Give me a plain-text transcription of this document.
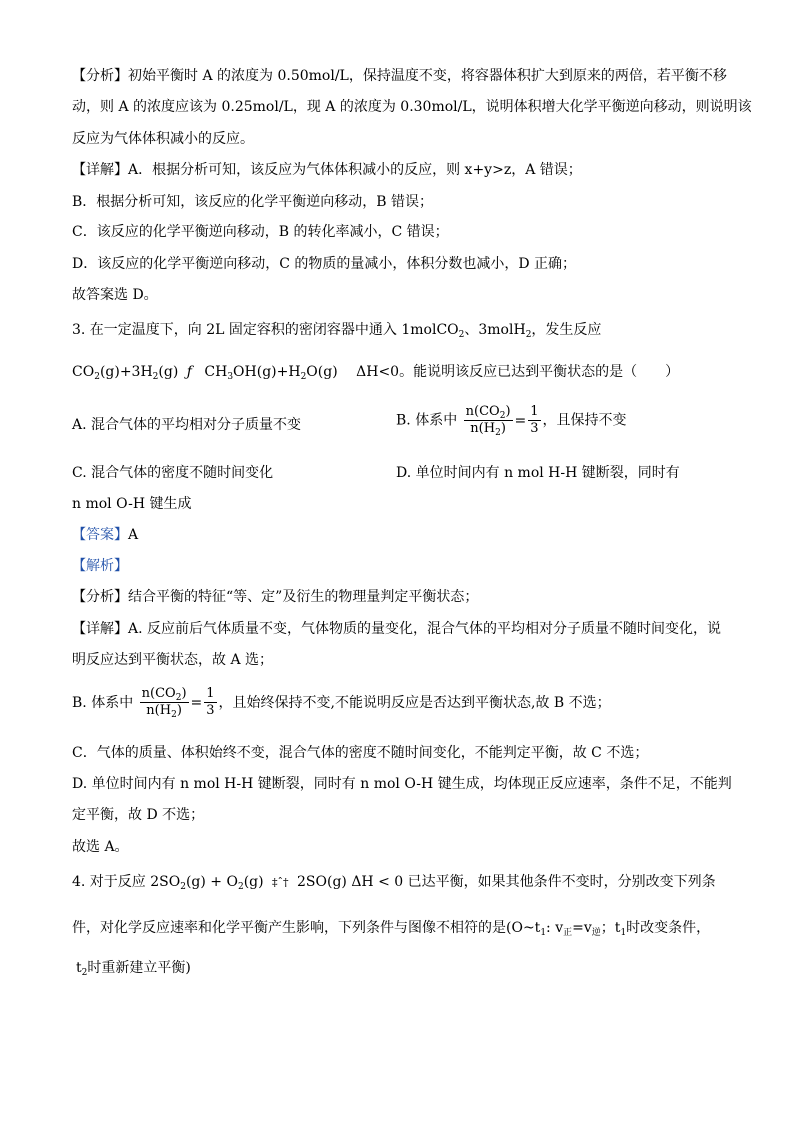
【分析】初始平衡时 A 的浓度为 0.50mol/L，保持温度不变，将容器体积扩大到原来的两倍，若平衡不移
动，则 A 的浓度应该为 0.25mol/L，现 A 的浓度为 0.30mol/L，说明体积增大化学平衡逆向移动，则说明该
反应为气体体积减小的反应。
【详解】A．根据分析可知，该反应为气体体积减小的反应，则 x+y>z，A 错误；
B．根据分析可知，该反应的化学平衡逆向移动，B 错误；
C．该反应的化学平衡逆向移动，B 的转化率减小，C 错误；
D．该反应的化学平衡逆向移动，C 的物质的量减小，体积分数也减小，D 正确；
故答案选 D。
3. 在一定温度下，向 2L 固定容积的密闭容器中通入 1molCO$_2$、3molH$_2$，发生反应
$CO_2(g)+3H_2(g)$ ƒ $CH_3OH(g)+H_2O(g)$ ΔH<0。能说明该反应已达到平衡状态的是（　　）
A. 混合气体的平均相对分子质量不变	B. 体系中 $\frac{n(CO_2)}{n(H_2)} = \frac{1}{3}$ ，且保持不变
C. 混合气体的密度不随时间变化	D. 单位时间内有 n mol H-H 键断裂，同时有
n mol O-H 键生成
【答案】A
【解析】
【分析】结合平衡的特征“等、定”及衍生的物理量判定平衡状态；
【详解】A. 反应前后气体质量不变，气体物质的量变化，混合气体的平均相对分子质量不随时间变化，说
明反应达到平衡状态，故 A 选；
B. 体系中 $\frac{n(CO_2)}{n(H_2)} = \frac{1}{3}$ ，且始终保持不变,不能说明反应是否达到平衡状态,故 B 不选；
C．气体的质量、体积始终不变，混合气体的密度不随时间变化，不能判定平衡，故 C 不选；
D. 单位时间内有 n mol H-H 键断裂，同时有 n mol O-H 键生成，均体现正反应速率，条件不足，不能判
定平衡，故 D 不选；
故选 A。
4. 对于反应 $2SO_2(g) + O_2(g)$ ‡ˆ† 2SO(g) ΔH < 0 已达平衡，如果其他条件不变时，分别改变下列条
件，对化学反应速率和化学平衡产生影响，下列条件与图像不相符的是($O\sim t_1$: $v_正=v_逆$；$t_1$时改变条件，
$t_2$时重新建立平衡)
